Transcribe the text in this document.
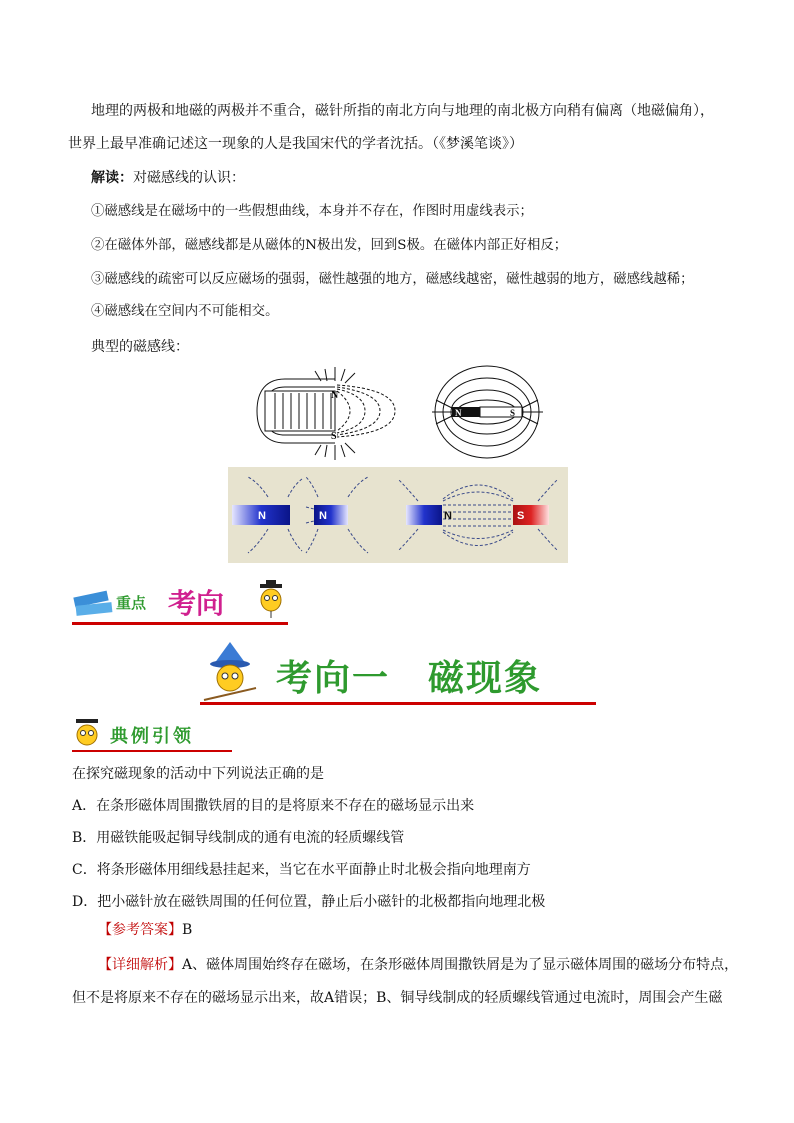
地理的两极和地磁的两极并不重合，磁针所指的南北方向与地理的南北极方向稍有偏离（地磁偏角），
世界上最早准确记述这一现象的人是我国宋代的学者沈括。（《梦溪笔谈》）
解读：对磁感线的认识：
①磁感线是在磁场中的一些假想曲线，本身并不存在，作图时用虚线表示；
②在磁体外部，磁感线都是从磁体的N极出发，回到S极。在磁体内部正好相反；
③磁感线的疏密可以反应磁场的强弱，磁性越强的地方，磁感线越密，磁性越弱的地方，磁感线越稀；
④磁感线在空间内不可能相交。
典型的磁感线：
N
S
N	S
N	N	N	S
重点 考向
考向一　磁现象
典例引领
在探究磁现象的活动中下列说法正确的是
A．在条形磁体周围撒铁屑的目的是将原来不存在的磁场显示出来
B．用磁铁能吸起铜导线制成的通有电流的轻质螺线管
C．将条形磁体用细线悬挂起来，当它在水平面静止时北极会指向地理南方
D．把小磁针放在磁铁周围的任何位置，静止后小磁针的北极都指向地理北极
【参考答案】B
【详细解析】A、磁体周围始终存在磁场，在条形磁体周围撒铁屑是为了显示磁体周围的磁场分布特点，
但不是将原来不存在的磁场显示出来，故A错误；B、铜导线制成的轻质螺线管通过电流时，周围会产生磁
